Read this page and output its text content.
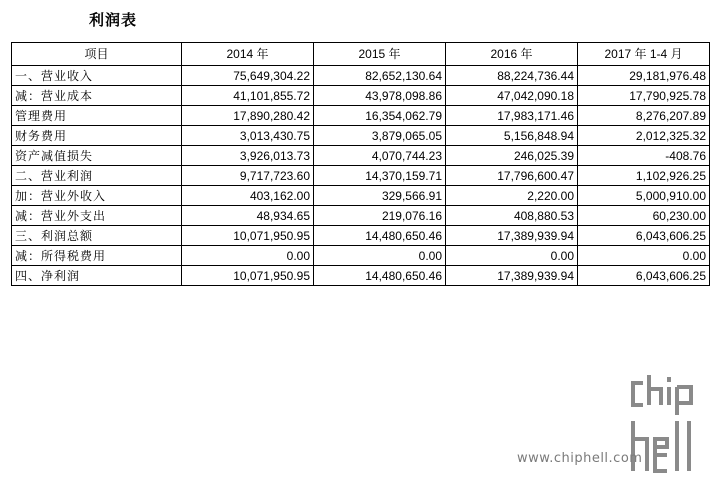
利润表
项目	2014 年	2015 年	2016 年	2017 年 1-4 月
一、营业收入	75,649,304.22	82,652,130.64	88,224,736.44	29,181,976.48
减：营业成本	41,101,855.72	43,978,098.86	47,042,090.18	17,790,925.78
管理费用	17,890,280.42	16,354,062.79	17,983,171.46	8,276,207.89
财务费用	3,013,430.75	3,879,065.05	5,156,848.94	2,012,325.32
资产减值损失	3,926,013.73	4,070,744.23	246,025.39	-408.76
二、营业利润	9,717,723.60	14,370,159.71	17,796,600.47	1,102,926.25
加：营业外收入	403,162.00	329,566.91	2,220.00	5,000,910.00
减：营业外支出	48,934.65	219,076.16	408,880.53	60,230.00
三、利润总额	10,071,950.95	14,480,650.46	17,389,939.94	6,043,606.25
减：所得税费用	0.00	0.00	0.00	0.00
四、净利润	10,071,950.95	14,480,650.46	17,389,939.94	6,043,606.25
www.chiphell.com
